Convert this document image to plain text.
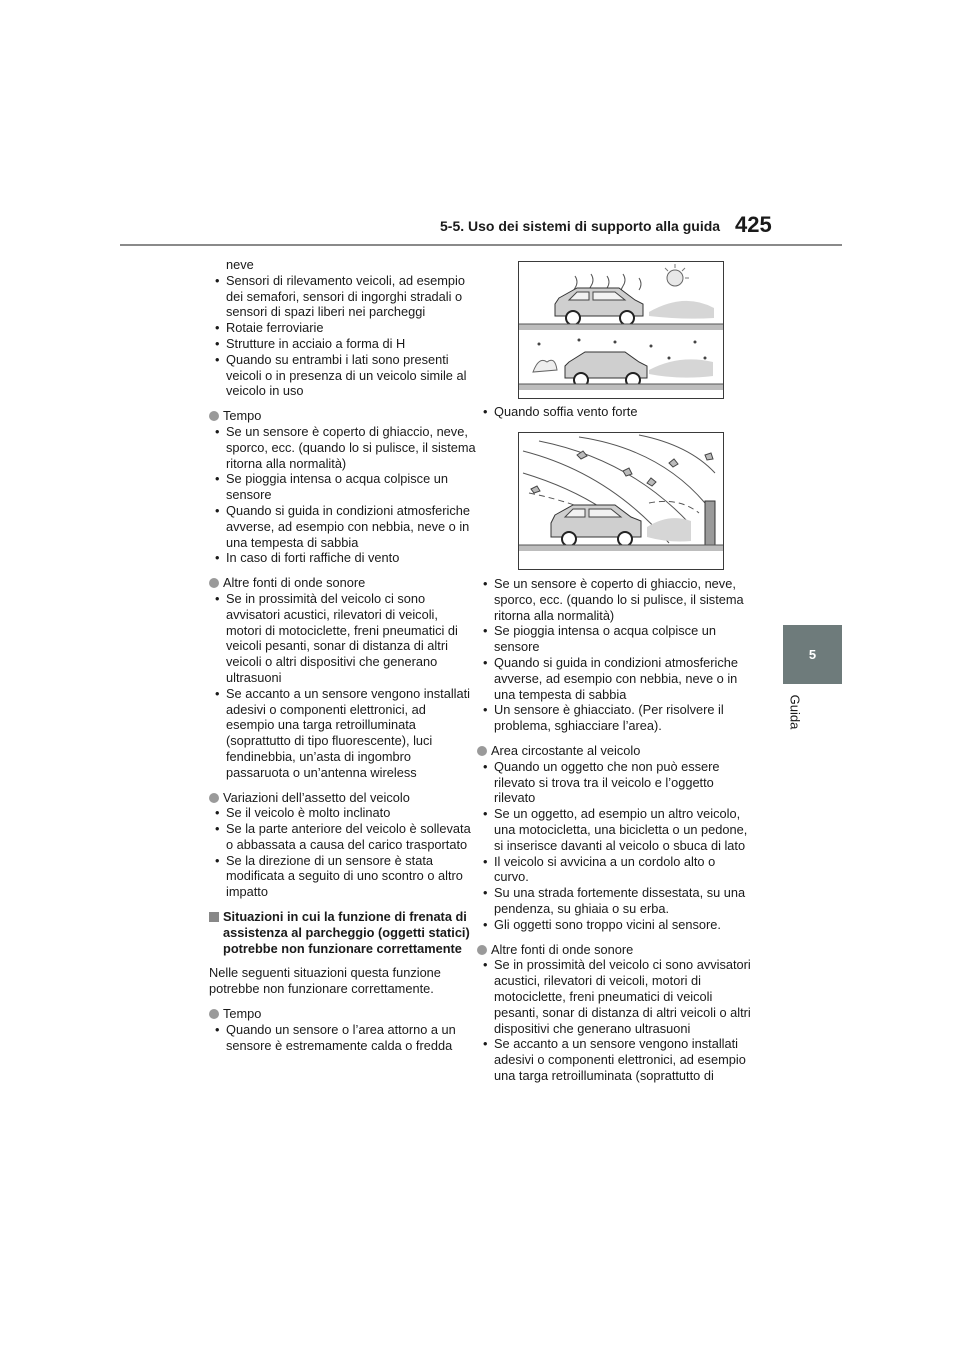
5-5. Uso dei sistemi di supporto alla guida 425
5
Guida
neve
• Sensori di rilevamento veicoli, ad esempio dei semafori, sensori di ingorghi stradali o sensori di spazi liberi nei parcheggi
• Rotaie ferroviarie
• Strutture in acciaio a forma di H
• Quando su entrambi i lati sono presenti veicoli o in presenza di un veicolo simile al veicolo in uso
Tempo
• Se un sensore è coperto di ghiaccio, neve, sporco, ecc. (quando lo si pulisce, il sistema ritorna alla normalità)
• Se pioggia intensa o acqua colpisce un sensore
• Quando si guida in condizioni atmosferiche avverse, ad esempio con nebbia, neve o in una tempesta di sabbia
• In caso di forti raffiche di vento
Altre fonti di onde sonore
• Se in prossimità del veicolo ci sono avvisatori acustici, rilevatori di veicoli, motori di motociclette, freni pneumatici di veicoli pesanti, sonar di distanza di altri veicoli o altri dispositivi che generano ultrasuoni
• Se accanto a un sensore vengono installati adesivi o componenti elettronici, ad esempio una targa retroilluminata (soprattutto di tipo fluorescente), luci fendinebbia, un’asta di ingombro passaruota o un’antenna wireless
Variazioni dell’assetto del veicolo
• Se il veicolo è molto inclinato
• Se la parte anteriore del veicolo è sollevata o abbassata a causa del carico trasportato
• Se la direzione di un sensore è stata modificata a seguito di uno scontro o altro impatto
Situazioni in cui la funzione di frenata di assistenza al parcheggio (oggetti statici) potrebbe non funzionare correttamente
Nelle seguenti situazioni questa funzione potrebbe non funzionare correttamente.
Tempo
• Quando un sensore o l’area attorno a un sensore è estremamente calda o fredda
• Quando soffia vento forte
• Se un sensore è coperto di ghiaccio, neve, sporco, ecc. (quando lo si pulisce, il sistema ritorna alla normalità)
• Se pioggia intensa o acqua colpisce un sensore
• Quando si guida in condizioni atmosferiche avverse, ad esempio con nebbia, neve o in una tempesta di sabbia
• Un sensore è ghiacciato. (Per risolvere il problema, sghiacciare l’area).
Area circostante al veicolo
• Quando un oggetto che non può essere rilevato si trova tra il veicolo e l’oggetto rilevato
• Se un oggetto, ad esempio un altro veicolo, una motocicletta, una bicicletta o un pedone, si inserisce davanti al veicolo o sbuca di lato
• Il veicolo si avvicina a un cordolo alto o curvo.
• Su una strada fortemente dissestata, su una pendenza, su ghiaia o su erba.
• Gli oggetti sono troppo vicini al sensore.
Altre fonti di onde sonore
• Se in prossimità del veicolo ci sono avvisatori acustici, rilevatori di veicoli, motori di motociclette, freni pneumatici di veicoli pesanti, sonar di distanza di altri veicoli o altri dispositivi che generano ultrasuoni
• Se accanto a un sensore vengono installati adesivi o componenti elettronici, ad esempio una targa retroilluminata (soprattutto di
